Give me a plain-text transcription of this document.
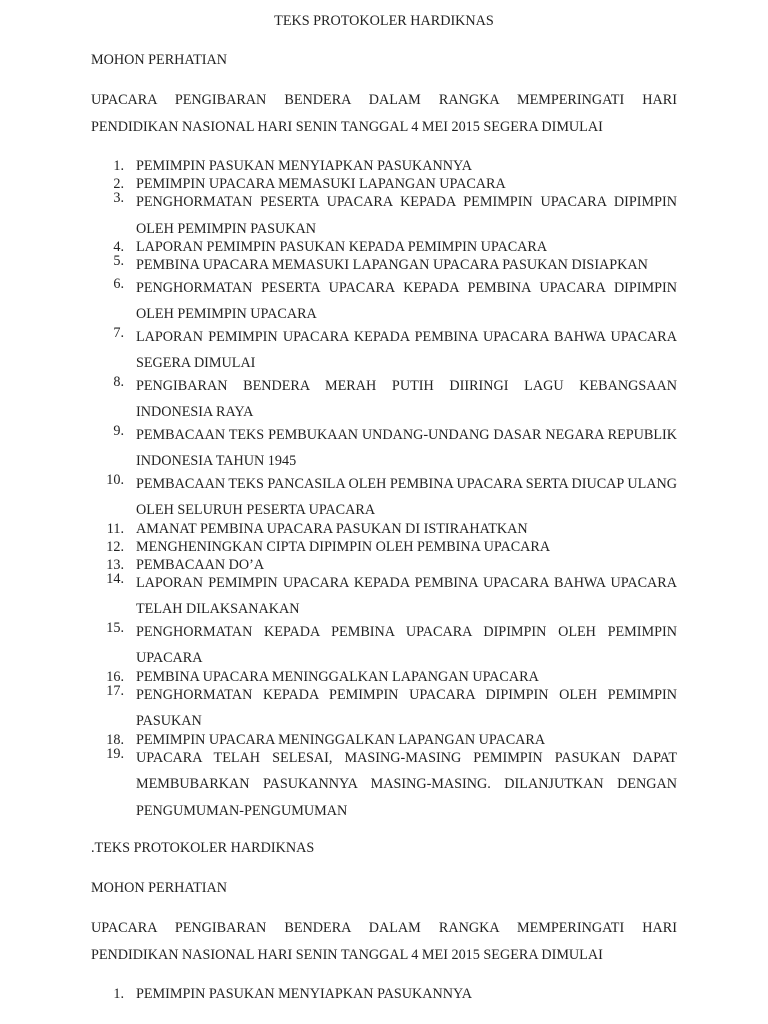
TEKS PROTOKOLER HARDIKNAS
MOHON PERHATIAN
UPACARA PENGIBARAN BENDERA DALAM RANGKA MEMPERINGATI HARI PENDIDIKAN NASIONAL HARI SENIN TANGGAL 4 MEI 2015 SEGERA DIMULAI
1. PEMIMPIN PASUKAN MENYIAPKAN PASUKANNYA
2. PEMIMPIN UPACARA MEMASUKI LAPANGAN UPACARA
3. PENGHORMATAN PESERTA UPACARA KEPADA PEMIMPIN UPACARA DIPIMPIN OLEH PEMIMPIN PASUKAN
4. LAPORAN PEMIMPIN PASUKAN KEPADA PEMIMPIN UPACARA
5. PEMBINA UPACARA MEMASUKI LAPANGAN UPACARA PASUKAN DISIAPKAN
6. PENGHORMATAN PESERTA UPACARA KEPADA PEMBINA UPACARA DIPIMPIN OLEH PEMIMPIN UPACARA
7. LAPORAN PEMIMPIN UPACARA KEPADA PEMBINA UPACARA BAHWA UPACARA SEGERA DIMULAI
8. PENGIBARAN BENDERA MERAH PUTIH DIIRINGI LAGU KEBANGSAAN INDONESIA RAYA
9. PEMBACAAN TEKS PEMBUKAAN UNDANG-UNDANG DASAR NEGARA REPUBLIK INDONESIA TAHUN 1945
10. PEMBACAAN TEKS PANCASILA OLEH PEMBINA UPACARA SERTA DIUCAP ULANG OLEH SELURUH PESERTA UPACARA
11. AMANAT PEMBINA UPACARA PASUKAN DI ISTIRAHATKAN
12. MENGHENINGKAN CIPTA DIPIMPIN OLEH PEMBINA UPACARA
13. PEMBACAAN DO’A
14. LAPORAN PEMIMPIN UPACARA KEPADA PEMBINA UPACARA BAHWA UPACARA TELAH DILAKSANAKAN
15. PENGHORMATAN KEPADA PEMBINA UPACARA DIPIMPIN OLEH PEMIMPIN UPACARA
16. PEMBINA UPACARA MENINGGALKAN LAPANGAN UPACARA
17. PENGHORMATAN KEPADA PEMIMPIN UPACARA DIPIMPIN OLEH PEMIMPIN PASUKAN
18. PEMIMPIN UPACARA MENINGGALKAN LAPANGAN UPACARA
19. UPACARA TELAH SELESAI, MASING-MASING PEMIMPIN PASUKAN DAPAT MEMBUBARKAN PASUKANNYA MASING-MASING. DILANJUTKAN DENGAN PENGUMUMAN-PENGUMUMAN
.TEKS PROTOKOLER HARDIKNAS
MOHON PERHATIAN
UPACARA PENGIBARAN BENDERA DALAM RANGKA MEMPERINGATI HARI PENDIDIKAN NASIONAL HARI SENIN TANGGAL 4 MEI 2015 SEGERA DIMULAI
1. PEMIMPIN PASUKAN MENYIAPKAN PASUKANNYA
